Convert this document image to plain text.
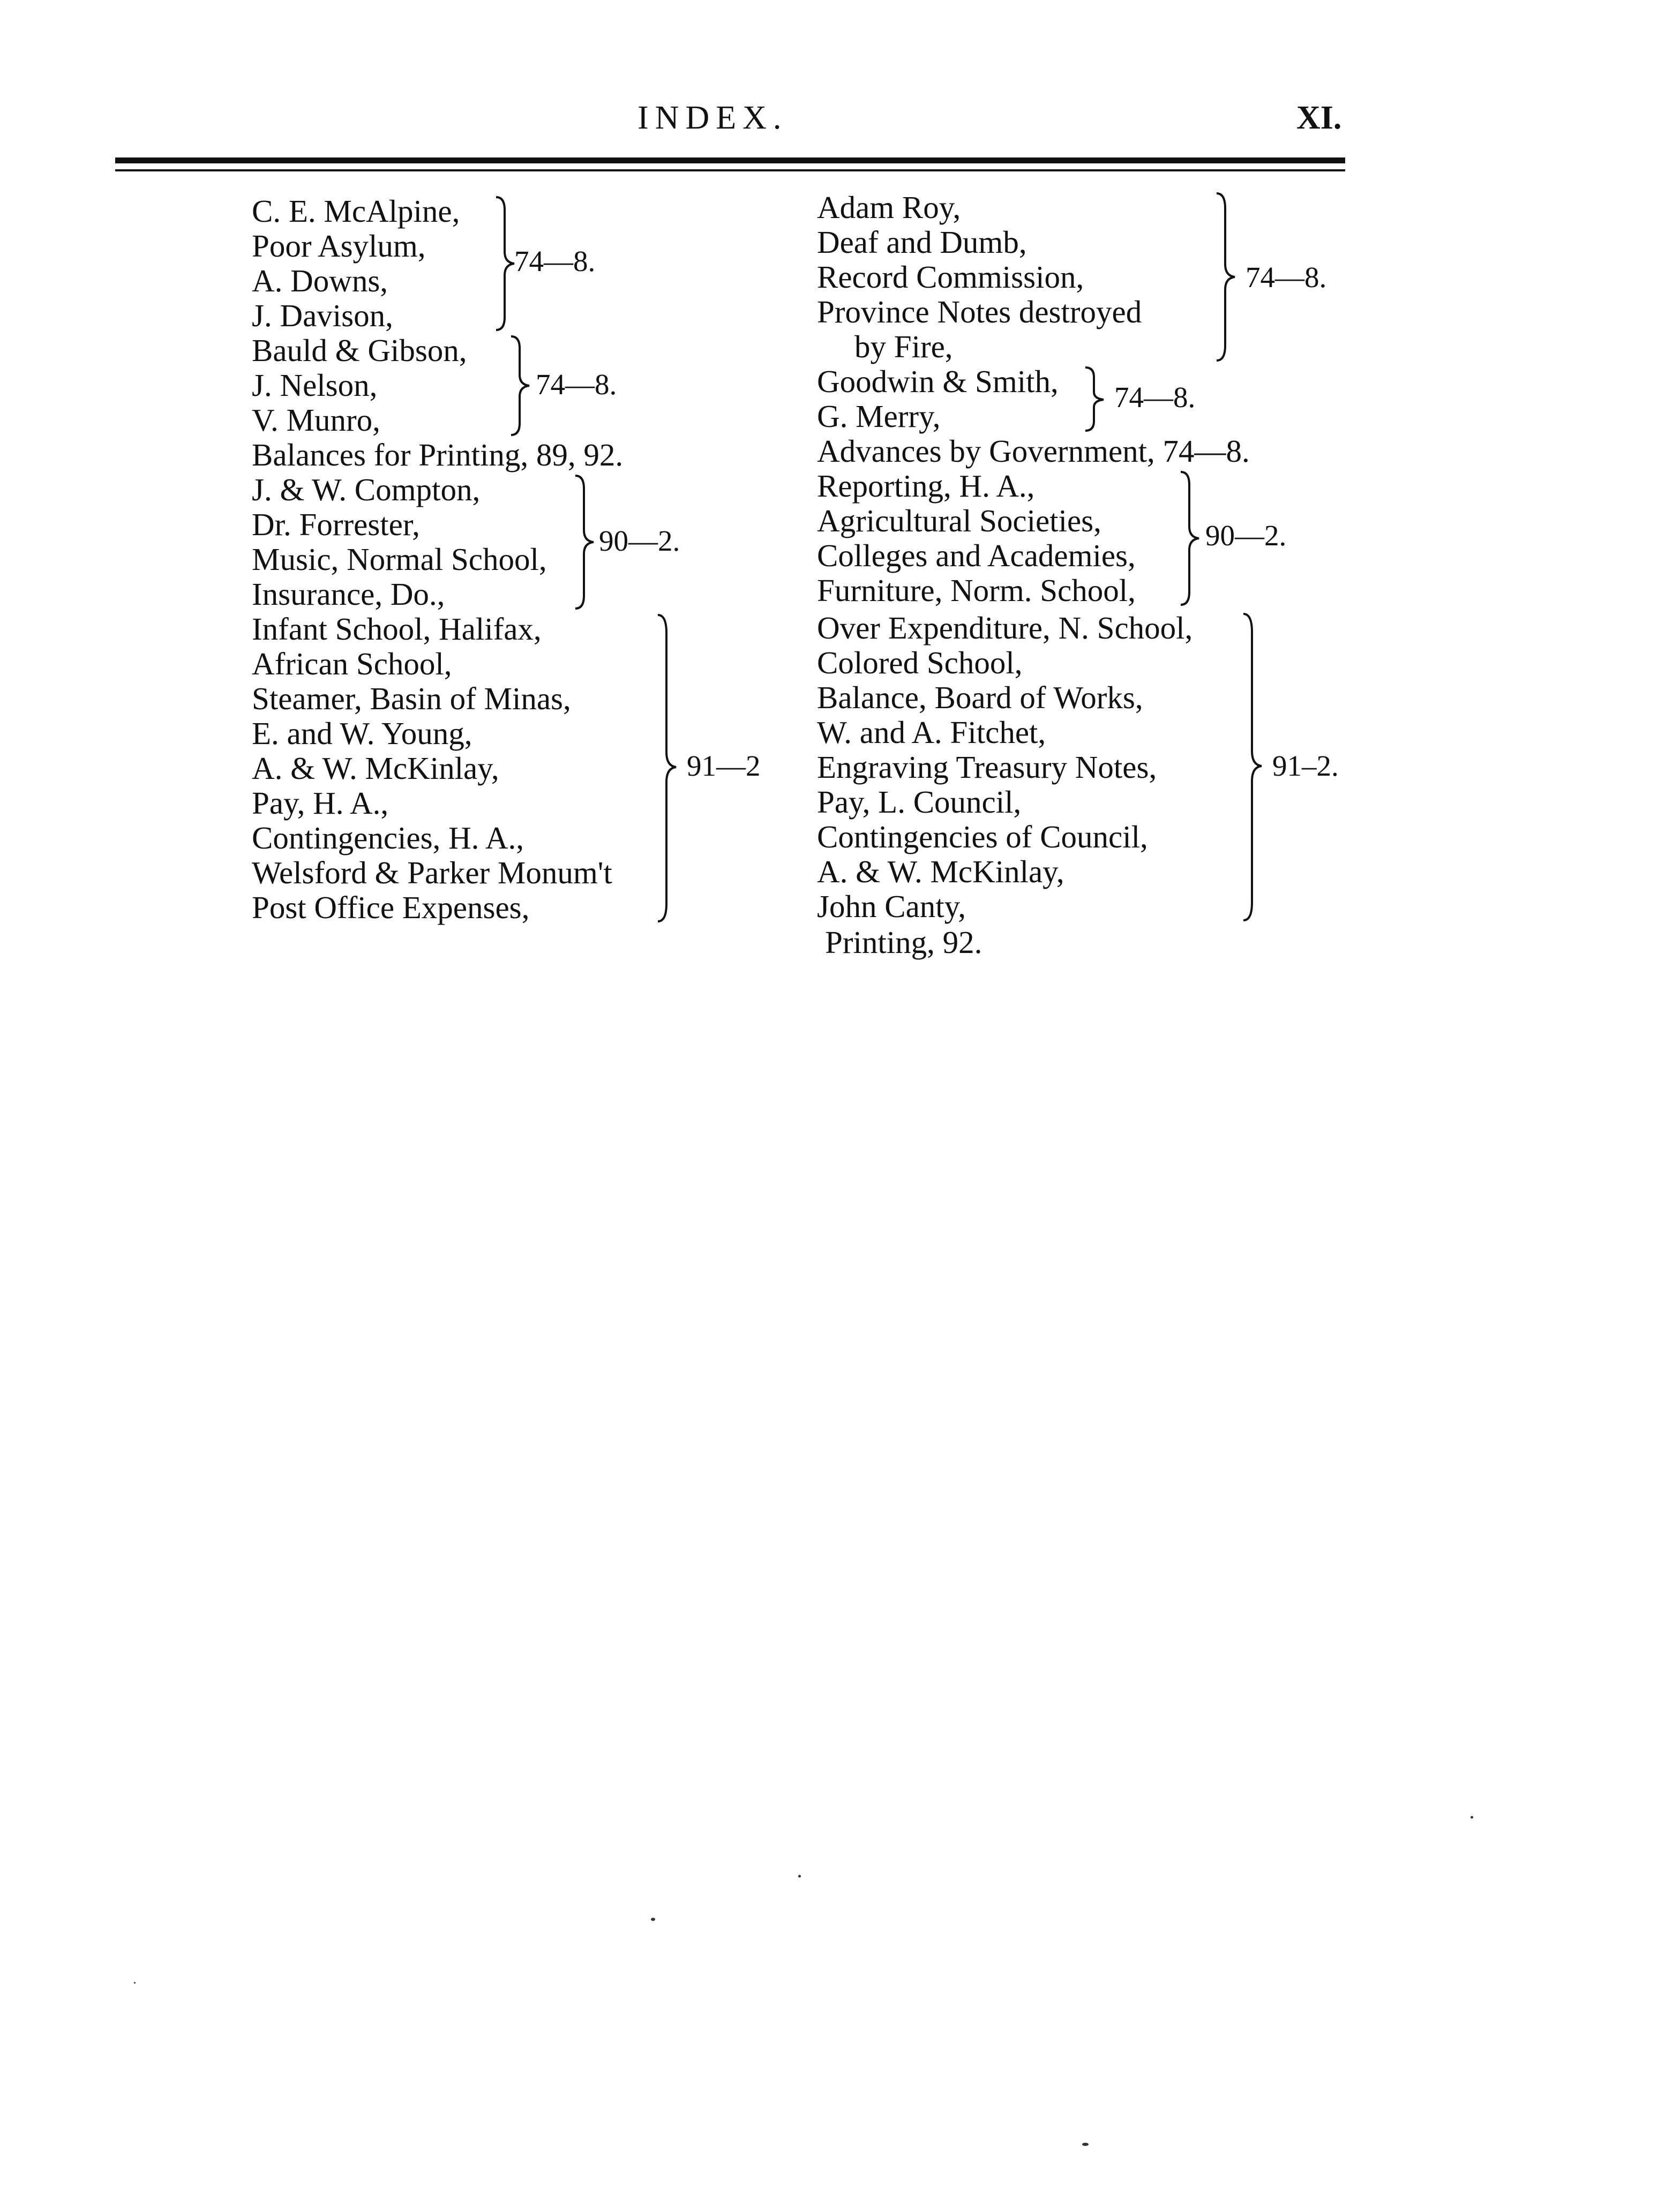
INDEX.	XI.
C. E. McAlpine,
Poor Asylum,
A. Downs,
J. Davison,
74—8.
Bauld & Gibson,
J. Nelson,
V. Munro,
74—8.
Balances for Printing, 89, 92.
J. & W. Compton,
Dr. Forrester,
Music, Normal School,
Insurance, Do.,
90—2.
Infant School, Halifax,
African School,
Steamer, Basin of Minas,
E. and W. Young,
A. & W. McKinlay,
Pay, H. A.,
Contingencies, H. A.,
Welsford & Parker Monum't
Post Office Expenses,
91—2
Adam Roy,
Deaf and Dumb,
Record Commission,
Province Notes destroyed
by Fire,
74—8.
Goodwin & Smith,
G. Merry,
74—8.
Advances by Government, 74—8.
Reporting, H. A.,
Agricultural Societies,
Colleges and Academies,
Furniture, Norm. School,
90—2.
Over Expenditure, N. School,
Colored School,
Balance, Board of Works,
W. and A. Fitchet,
Engraving Treasury Notes,
Pay, L. Council,
Contingencies of Council,
A. & W. McKinlay,
John Canty,
91–2.
Printing, 92.
